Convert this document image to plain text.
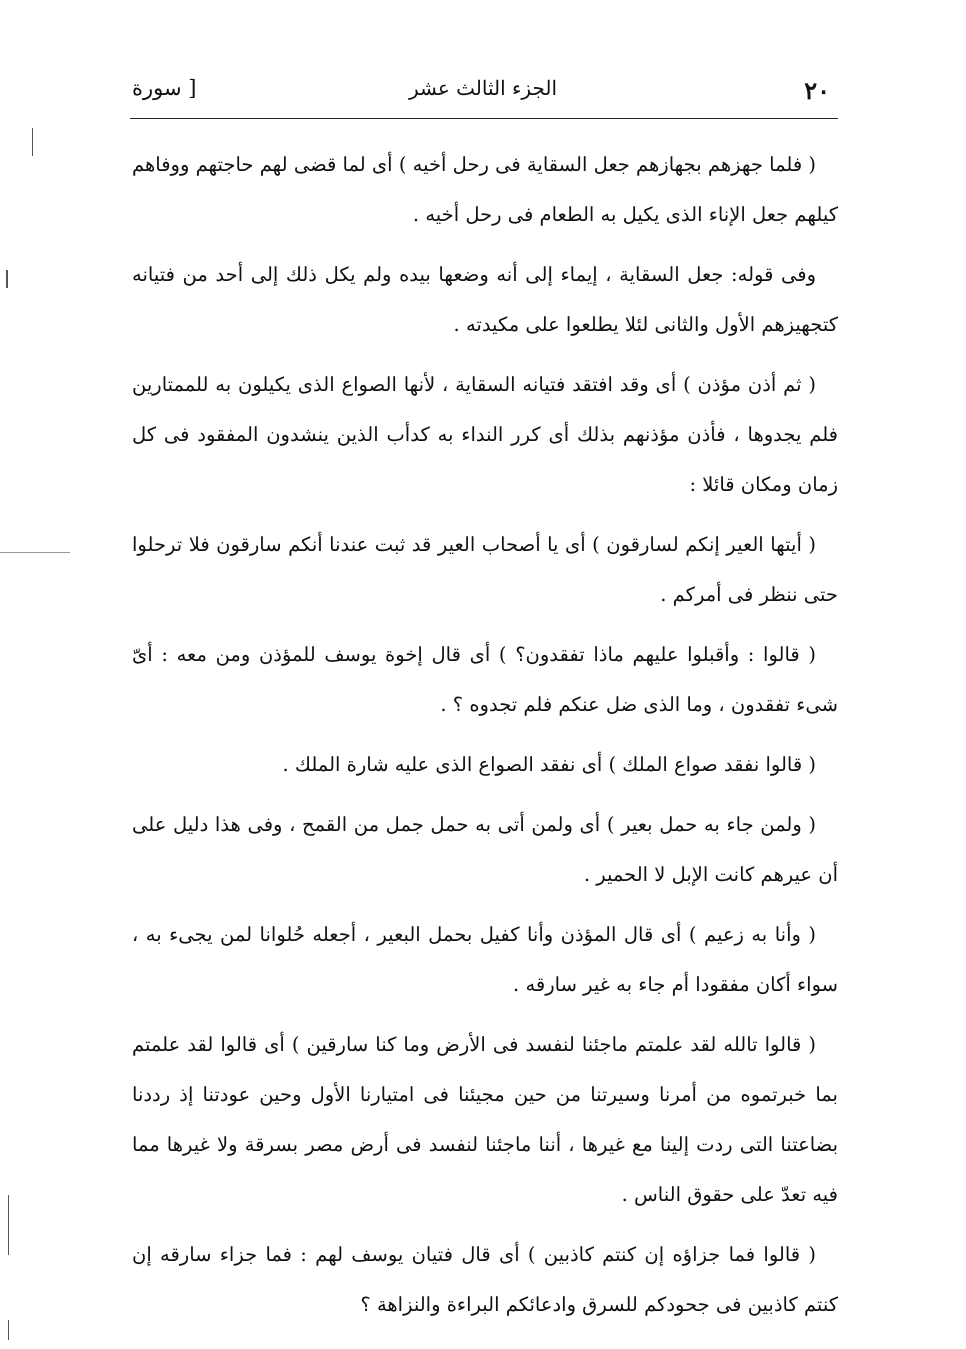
٢٠
الجزء الثالث عشر
[ سورة

( فلما جهزهم بجهازهم جعل السقاية فى رحل أخيه ) أى لما قضى لهم حاجتهم ووفاهم كيلهم جعل الإناء الذى يكيل به الطعام فى رحل أخيه .

وفى قوله: جعل السقاية ، إيماء إلى أنه وضعها بيده ولم يكل ذلك إلى أحد من فتيانه كتجهيزهم الأول والثانى لئلا يطلعوا على مكيدته .

( ثم أذن مؤذن ) أى وقد افتقد فتيانه السقاية ، لأنها الصواع الذى يكيلون به للممتارين فلم يجدوها ، فأذن مؤذنهم بذلك أى كرر النداء به كدأب الذين ينشدون المفقود فى كل زمان ومكان قائلا :

( أيتها العير إنكم لسارقون ) أى يا أصحاب العير قد ثبت عندنا أنكم سارقون فلا ترحلوا حتى ننظر فى أمركم .

( قالوا : وأقبلوا عليهم ماذا تفقدون؟ ) أى قال إخوة يوسف للمؤذن ومن معه : أىّ شىء تفقدون ، وما الذى ضل عنكم فلم تجدوه ؟ .

( قالوا نفقد صواع الملك ) أى نفقد الصواع الذى عليه شارة الملك .

( ولمن جاء به حمل بعير ) أى ولمن أتى به حمل جمل من القمح ، وفى هذا دليل على أن عيرهم كانت الإبل لا الحمير .

( وأنا به زعيم ) أى قال المؤذن وأنا كفيل بحمل البعير ، أجعله حُلوانا لمن يجىء به ، سواء أكان مفقودا أم جاء به غير سارقه .

( قالوا تالله لقد علمتم ماجئنا لنفسد فى الأرض وما كنا سارقين ) أى قالوا لقد علمتم بما خبرتموه من أمرنا وسيرتنا من حين مجيئنا فى امتيارنا الأول وحين عودتنا إذ رددنا بضاعتنا التى ردت إلينا مع غيرها ، أننا ماجئنا لنفسد فى أرض مصر بسرقة ولا غيرها مما فيه تعدّ على حقوق الناس .

( قالوا فما جزاؤه إن كنتم كاذبين ) أى قال فتيان يوسف لهم : فما جزاء سارقه إن كنتم كاذبين فى جحودكم للسرق وادعائكم البراءة والنزاهة ؟
